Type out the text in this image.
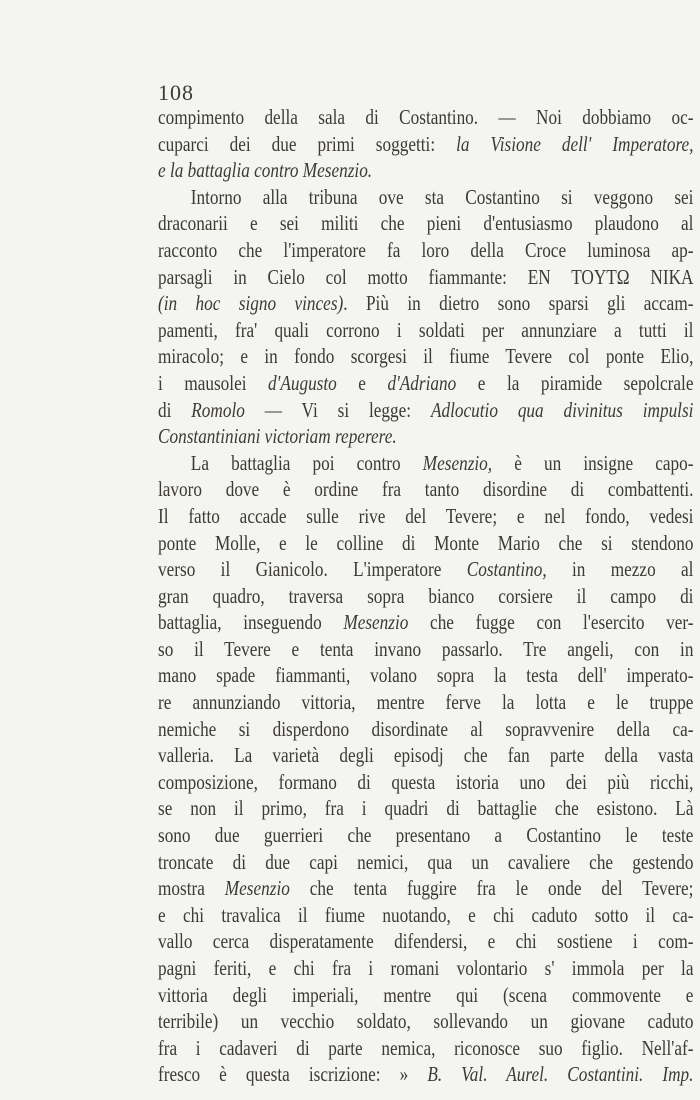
108
compimento della sala di Costantino. — Noi dobbiamo oc-
cuparci dei due primi soggetti: la Visione dell' Imperatore,
e la battaglia contro Mesenzio.
Intorno alla tribuna ove sta Costantino si veggono sei
draconarii e sei militi che pieni d'entusiasmo plaudono al
racconto che l'imperatore fa loro della Croce luminosa ap-
parsagli in Cielo col motto fiammante: EN TOYTΩ NIKA
(in hoc signo vinces). Più in dietro sono sparsi gli accam-
pamenti, fra' quali corrono i soldati per annunziare a tutti il
miracolo; e in fondo scorgesi il fiume Tevere col ponte Elio,
i mausolei d'Augusto e d'Adriano e la piramide sepolcrale
di Romolo — Vi si legge: Adlocutio qua divinitus impulsi
Constantiniani victoriam reperere.
La battaglia poi contro Mesenzio, è un insigne capo-
lavoro dove è ordine fra tanto disordine di combattenti.
Il fatto accade sulle rive del Tevere; e nel fondo, vedesi
ponte Molle, e le colline di Monte Mario che si stendono
verso il Gianicolo. L'imperatore Costantino, in mezzo al
gran quadro, traversa sopra bianco corsiere il campo di
battaglia, inseguendo Mesenzio che fugge con l'esercito ver-
so il Tevere e tenta invano passarlo. Tre angeli, con in
mano spade fiammanti, volano sopra la testa dell' imperato-
re annunziando vittoria, mentre ferve la lotta e le truppe
nemiche si disperdono disordinate al sopravvenire della ca-
valleria. La varietà degli episodj che fan parte della vasta
composizione, formano di questa istoria uno dei più ricchi,
se non il primo, fra i quadri di battaglie che esistono. Là
sono due guerrieri che presentano a Costantino le teste
troncate di due capi nemici, qua un cavaliere che gestendo
mostra Mesenzio che tenta fuggire fra le onde del Tevere;
e chi travalica il fiume nuotando, e chi caduto sotto il ca-
vallo cerca disperatamente difendersi, e chi sostiene i com-
pagni feriti, e chi fra i romani volontario s' immola per la
vittoria degli imperiali, mentre qui (scena commovente e
terribile) un vecchio soldato, sollevando un giovane caduto
fra i cadaveri di parte nemica, riconosce suo figlio. Nell'af-
fresco è questa iscrizione: » B. Val. Aurel. Costantini. Imp.
